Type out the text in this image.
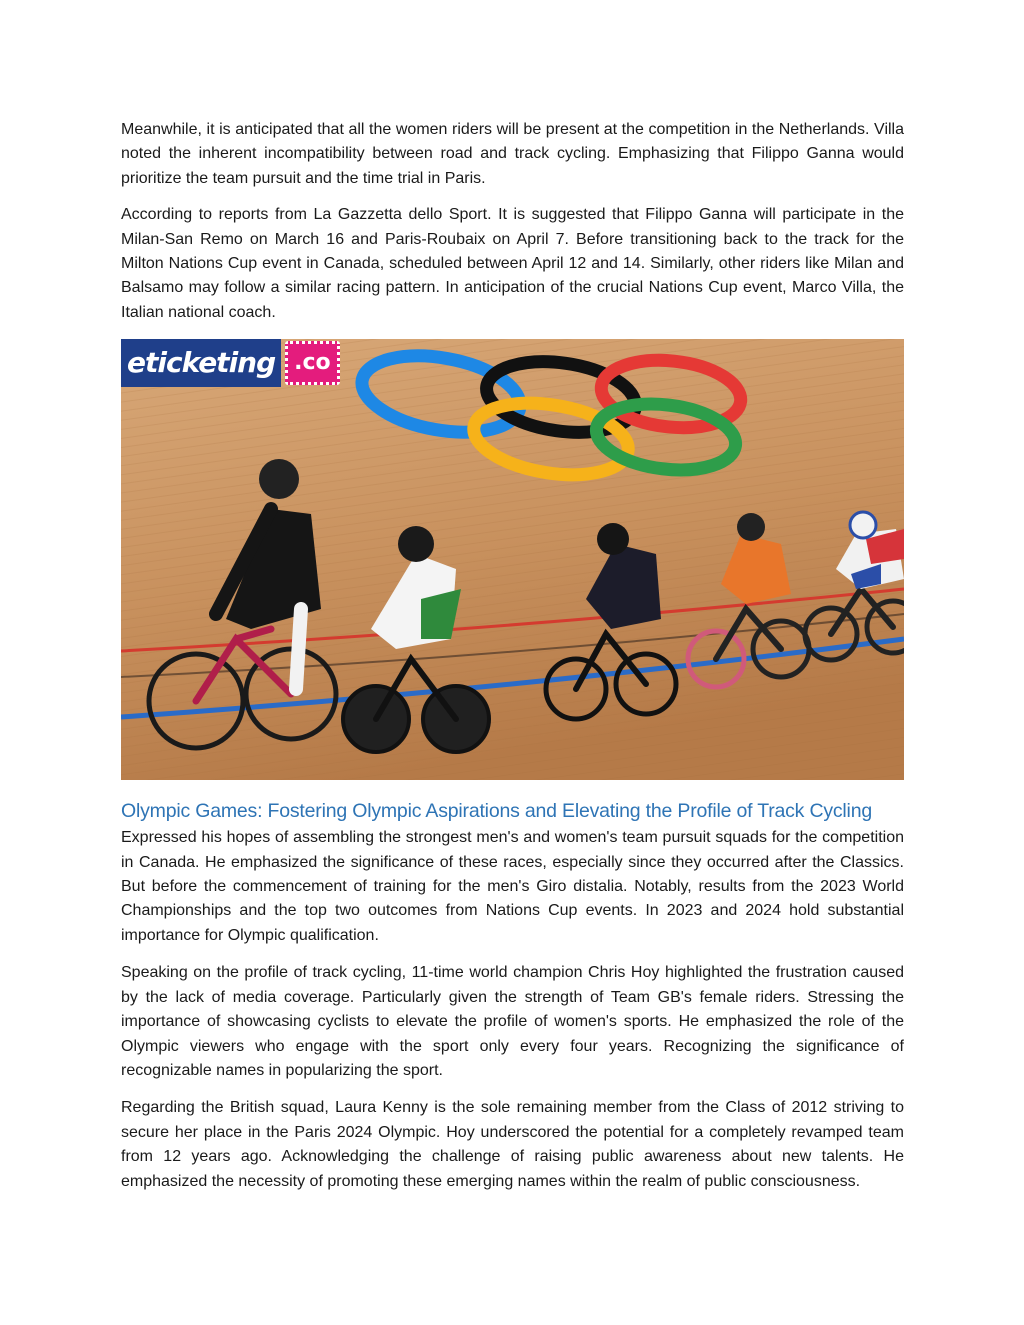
Meanwhile, it is anticipated that all the women riders will be present at the competition in the Netherlands. Villa noted the inherent incompatibility between road and track cycling. Emphasizing that Filippo Ganna would prioritize the team pursuit and the time trial in Paris.

According to reports from La Gazzetta dello Sport. It is suggested that Filippo Ganna will participate in the Milan-San Remo on March 16 and Paris-Roubaix on April 7. Before transitioning back to the track for the Milton Nations Cup event in Canada, scheduled between April 12 and 14. Similarly, other riders like Milan and Balsamo may follow a similar racing pattern. In anticipation of the crucial Nations Cup event, Marco Villa, the Italian national coach.

eticketing .co
Olympic Games: Fostering Olympic Aspirations and Elevating the Profile of Track Cycling

Expressed his hopes of assembling the strongest men's and women's team pursuit squads for the competition in Canada. He emphasized the significance of these races, especially since they occurred after the Classics. But before the commencement of training for the men's Giro distalia. Notably, results from the 2023 World Championships and the top two outcomes from Nations Cup events. In 2023 and 2024 hold substantial importance for Olympic qualification.

Speaking on the profile of track cycling, 11-time world champion Chris Hoy highlighted the frustration caused by the lack of media coverage. Particularly given the strength of Team GB's female riders. Stressing the importance of showcasing cyclists to elevate the profile of women's sports. He emphasized the role of the Olympic viewers who engage with the sport only every four years. Recognizing the significance of recognizable names in popularizing the sport.

Regarding the British squad, Laura Kenny is the sole remaining member from the Class of 2012 striving to secure her place in the Paris 2024 Olympic. Hoy underscored the potential for a completely revamped team from 12 years ago. Acknowledging the challenge of raising public awareness about new talents. He emphasized the necessity of promoting these emerging names within the realm of public consciousness.
